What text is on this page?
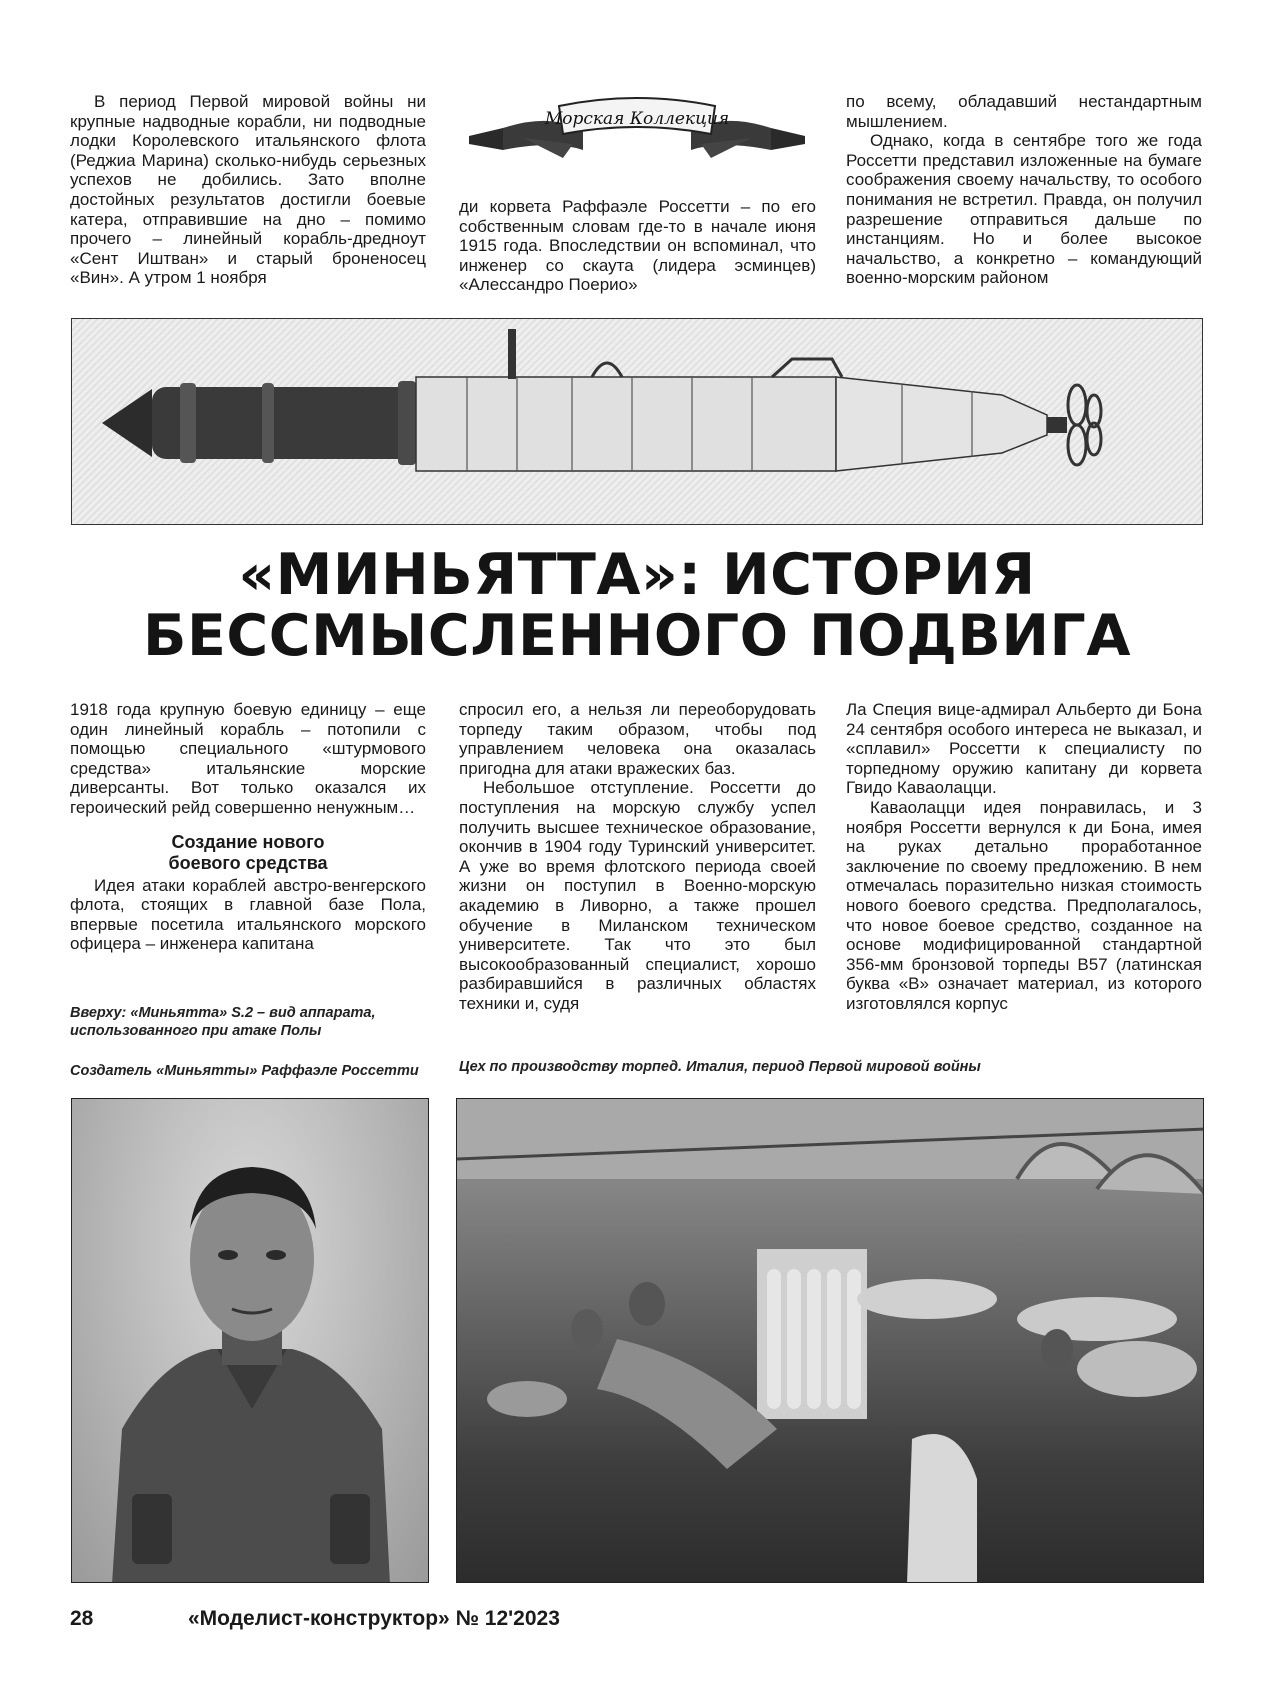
Морская Коллекция

В период Первой мировой войны ни крупные надводные корабли, ни подводные лодки Королевского итальянского флота (Реджиа Марина) сколько-нибудь серьезных успехов не добились. Зато вполне достойных результатов достигли боевые катера, отправившие на дно – помимо прочего – линейный корабль-дредноут «Сент Иштван» и старый броненосец «Вин». А утром 1 ноября

ди корвета Раффаэле Россетти – по его собственным словам где-то в начале июня 1915 года. Впоследствии он вспоминал, что инженер со скаута (лидера эсминцев) «Алессандро Поерио»

по всему, обладавший нестандартным мышлением.

Однако, когда в сентябре того же года Россетти представил изложенные на бумаге соображения своему начальству, то особого понимания не встретил. Правда, он получил разрешение отправиться дальше по инстанциям. Но и более высокое начальство, а конкретно – командующий военно-морским районом

«МИНЬЯТТА»: ИСТОРИЯ
БЕССМЫСЛЕННОГО ПОДВИГА

1918 года крупную боевую единицу – еще один линейный корабль – потопили с помощью специального «штурмового средства» итальянские морские диверсанты. Вот только оказался их героический рейд совершенно ненужным…

Создание нового
боевого средства

Идея атаки кораблей австро-венгерского флота, стоящих в главной базе Пола, впервые посетила итальянского морского офицера – инженера капитана

спросил его, а нельзя ли переоборудовать торпеду таким образом, чтобы под управлением человека она оказалась пригодна для атаки вражеских баз.

Небольшое отступление. Россетти до поступления на морскую службу успел получить высшее техническое образование, окончив в 1904 году Туринский университет. А уже во время флотского периода своей жизни он поступил в Военно-морскую академию в Ливорно, а также прошел обучение в Миланском техническом университете. Так что это был высокообразованный специалист, хорошо разбиравшийся в различных областях техники и, судя

Ла Специя вице-адмирал Альберто ди Бона 24 сентября особого интереса не выказал, и «сплавил» Россетти к специалисту по торпедному оружию капитану ди корвета Гвидо Каваолацци.

Каваолацци идея понравилась, и 3 ноября Россетти вернулся к ди Бона, имея на руках детально проработанное заключение по своему предложению. В нем отмечалась поразительно низкая стоимость нового боевого средства. Предполагалось, что новое боевое средство, созданное на основе модифицированной стандартной 356-мм бронзовой торпеды B57 (латинская буква «B» означает материал, из которого изготовлялся корпус

Вверху: «Миньятта» S.2 – вид аппарата, использованного при атаке Полы
Создатель «Миньятты» Раффаэле Россетти	Цех по производству торпед. Италия, период Первой мировой войны
28	«Моделист-конструктор» № 12'2023
